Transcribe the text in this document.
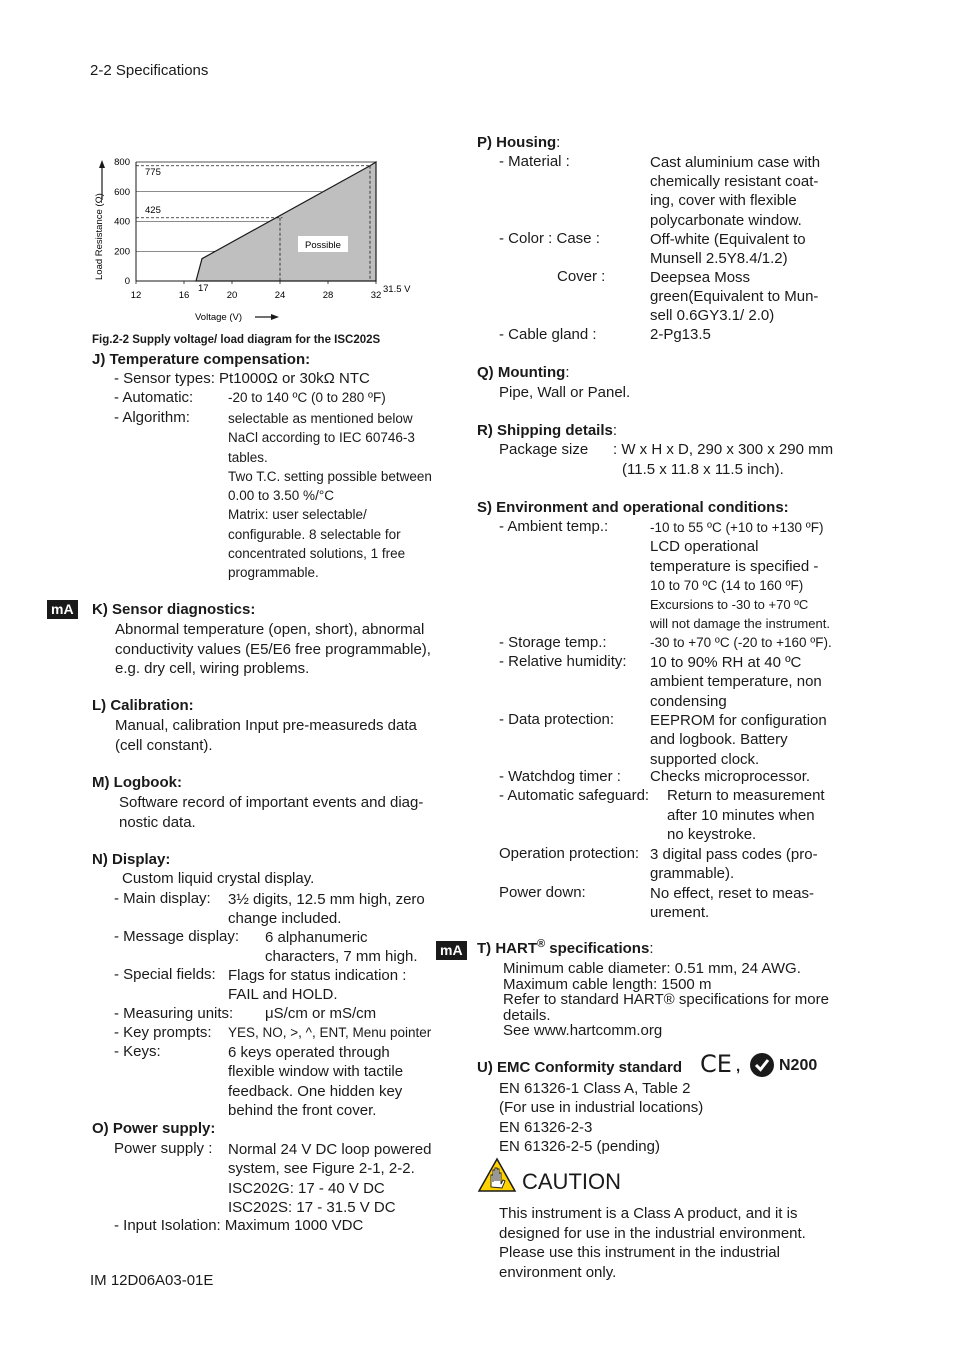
2-2 Specifications
IM 12D06A03-01E
0
200
400
600
800
12	16	20	24	28	32
Possible
17	31.5 V
775
425
Load Resistance (Ω)
Voltage (V)
Fig.2-2 Supply voltage/ load diagram for the ISC202S
J) Temperature compensation:
- Sensor types: Pt1000Ω or 30kΩ NTC
- Automatic:	-20 to 140 ºC (0 to 280 ºF)
- Algorithm:	selectable as mentioned below
NaCl according to IEC 60746-3
tables.
Two T.C. setting possible between
0.00 to 3.50 %/°C
Matrix: user selectable/
configurable. 8 selectable for
concentrated solutions, 1 free
programmable.
mA K) Sensor diagnostics:
Abnormal temperature (open, short), abnormal
conductivity values (E5/E6 free programmable),
e.g. dry cell, wiring problems.
L) Calibration:
Manual, calibration Input pre-measureds data
(cell constant).
M) Logbook:
Software record of important events and diag-
nostic data.
N) Display:
Custom liquid crystal display.
- Main display: 3½ digits, 12.5 mm high, zero
change included.
- Message display: 6 alphanumeric
characters, 7 mm high.
- Special fields: Flags for status indication :
FAIL and HOLD.
- Measuring units: μS/cm or mS/cm
- Key prompts: YES, NO, >, ^, ENT, Menu pointer
- Keys:	6 keys operated through
flexible window with tactile
feedback. One hidden key
behind the front cover.
O) Power supply:
Power supply : Normal 24 V DC loop powered
system, see Figure 2-1, 2-2.
ISC202G: 17 - 40 V DC
ISC202S: 17 - 31.5 V DC
- Input Isolation: Maximum 1000 VDC
P) Housing:
- Material :	Cast aluminium case with
chemically resistant coat-
ing, cover with flexible
polycarbonate window.
- Color : Case :	Off-white (Equivalent to
Munsell 2.5Y8.4/1.2)
Cover :	Deepsea Moss
green(Equivalent to Mun-
sell 0.6GY3.1/ 2.0)
- Cable gland :	2-Pg13.5
Q) Mounting:
Pipe, Wall or Panel.
R) Shipping details:
Package size : W x H x D, 290 x 300 x 290 mm
(11.5 x 11.8 x 11.5 inch).
S) Environment and operational conditions:
- Ambient temp.:	-10 to 55 ºC (+10 to +130 ºF)
LCD operational
temperature is specified -
10 to 70 ºC (14 to 160 ºF)
Excursions to -30 to +70 ºC
will not damage the instrument.
- Storage temp.:	-30 to +70 ºC (-20 to +160 ºF).
- Relative humidity: 10 to 90% RH at 40 ºC
ambient temperature, non
condensing
- Data protection: EEPROM for configuration
and logbook. Battery
supported clock.
- Watchdog timer : Checks microprocessor.
- Automatic safeguard: Return to measurement
after 10 minutes when
no keystroke.
Operation protection: 3 digital pass codes (pro-
grammable).
Power down:	No effect, reset to meas-
urement.
mA T) HART® specifications:
Minimum cable diameter: 0.51 mm, 24 AWG.
Maximum cable length: 1500 m
Refer to standard HART® specifications for more
details.
See www.hartcomm.org
U) EMC Conformity standard CE , N200
EN 61326-1 Class A, Table 2
(For use in industrial locations)
EN 61326-2-3
EN 61326-2-5 (pending)
CAUTION
This instrument is a Class A product, and it is
designed for use in the industrial environment.
Please use this instrument in the industrial
environment only.
